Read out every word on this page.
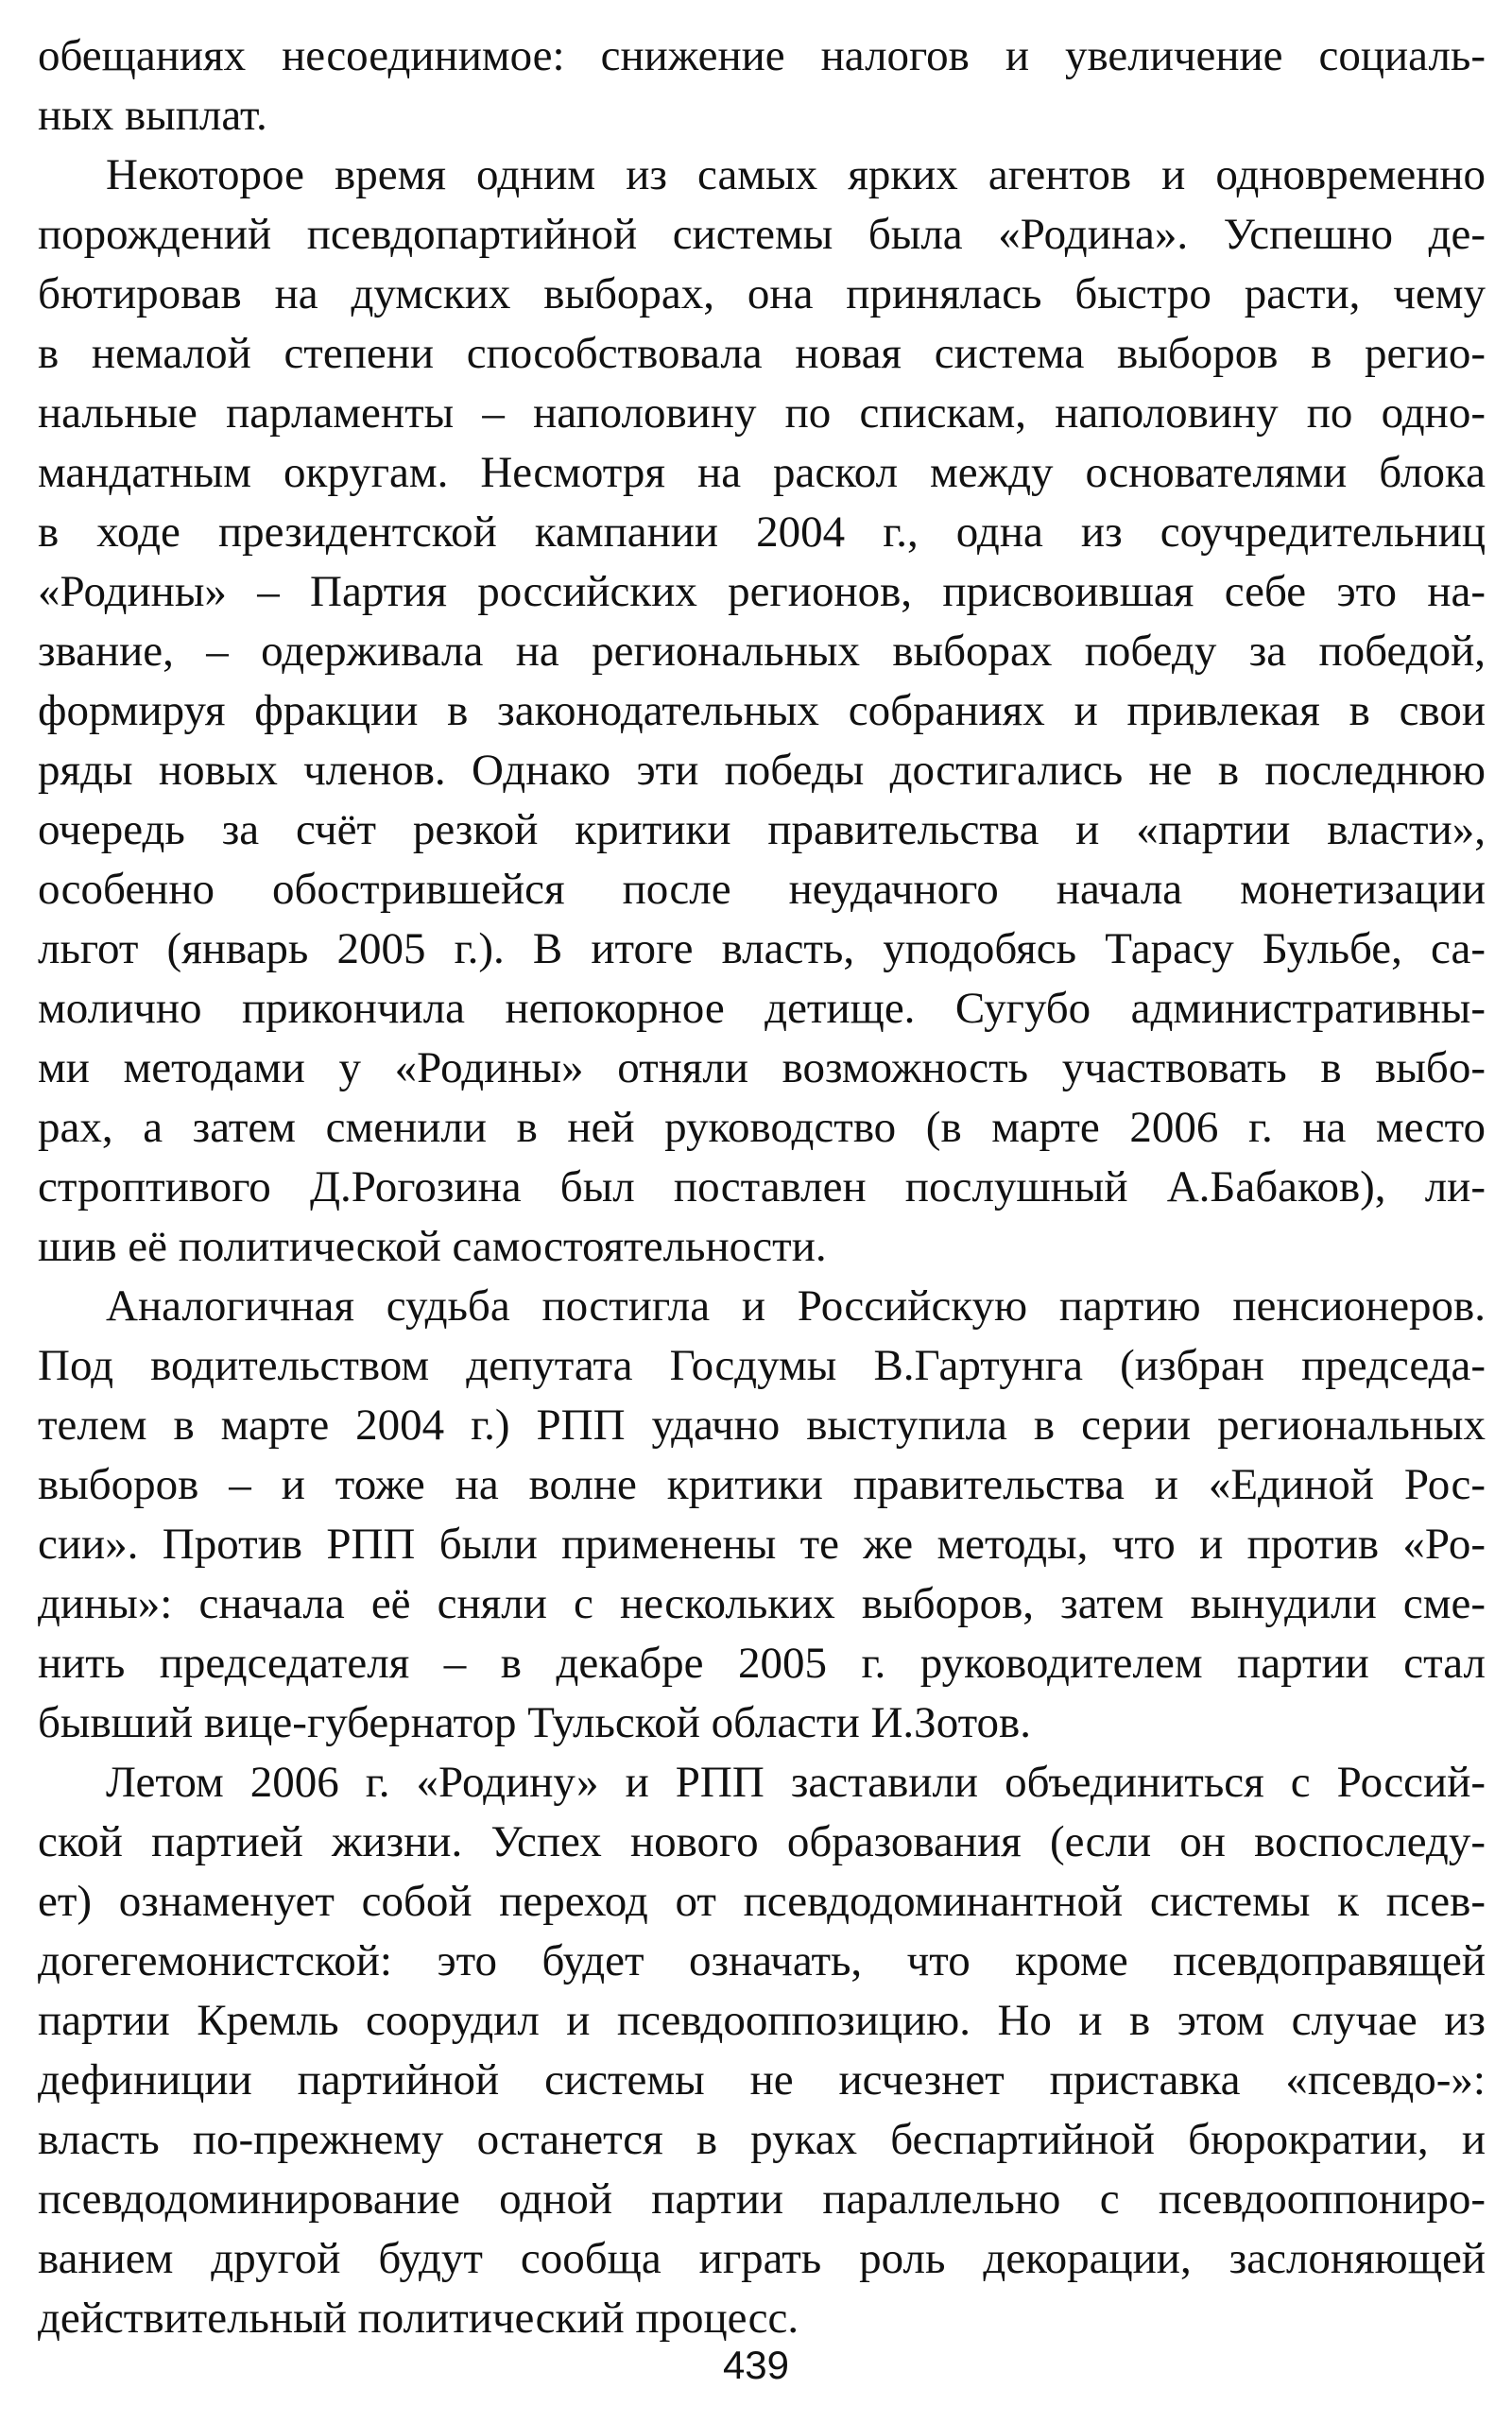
обещаниях несоединимое: снижение налогов и увеличение социаль-
ных выплат.
Некоторое время одним из самых ярких агентов и одновременно
порождений псевдопартийной системы была «Родина». Успешно де-
бютировав на думских выборах, она принялась быстро расти, чему
в немалой степени способствовала новая система выборов в регио-
нальные парламенты – наполовину по спискам, наполовину по одно-
мандатным округам. Несмотря на раскол между основателями блока
в ходе президентской кампании 2004 г., одна из соучредительниц
«Родины» – Партия российских регионов, присвоившая себе это на-
звание, – одерживала на региональных выборах победу за победой,
формируя фракции в законодательных собраниях и привлекая в свои
ряды новых членов. Однако эти победы достигались не в последнюю
очередь за счёт резкой критики правительства и «партии власти»,
особенно обострившейся после неудачного начала монетизации
льгот (январь 2005 г.). В итоге власть, уподобясь Тарасу Бульбе, са-
молично прикончила непокорное детище. Сугубо административны-
ми методами у «Родины» отняли возможность участвовать в выбо-
рах, а затем сменили в ней руководство (в марте 2006 г. на место
строптивого Д.Рогозина был поставлен послушный А.Бабаков), ли-
шив её политической самостоятельности.
Аналогичная судьба постигла и Российскую партию пенсионеров.
Под водительством депутата Госдумы В.Гартунга (избран председа-
телем в марте 2004 г.) РПП удачно выступила в серии региональных
выборов – и тоже на волне критики правительства и «Единой Рос-
сии». Против РПП были применены те же методы, что и против «Ро-
дины»: сначала её сняли с нескольких выборов, затем вынудили сме-
нить председателя – в декабре 2005 г. руководителем партии стал
бывший вице-губернатор Тульской области И.Зотов.
Летом 2006 г. «Родину» и РПП заставили объединиться с Россий-
ской партией жизни. Успех нового образования (если он воспоследу-
ет) ознаменует собой переход от псевдодоминантной системы к псев-
догегемонистской: это будет означать, что кроме псевдоправящей
партии Кремль соорудил и псевдооппозицию. Но и в этом случае из
дефиниции партийной системы не исчезнет приставка «псевдо-»:
власть по-прежнему останется в руках беспартийной бюрократии, и
псевдодоминирование одной партии параллельно с псевдооппониро-
ванием другой будут сообща играть роль декорации, заслоняющей
действительный политический процесс.
439
